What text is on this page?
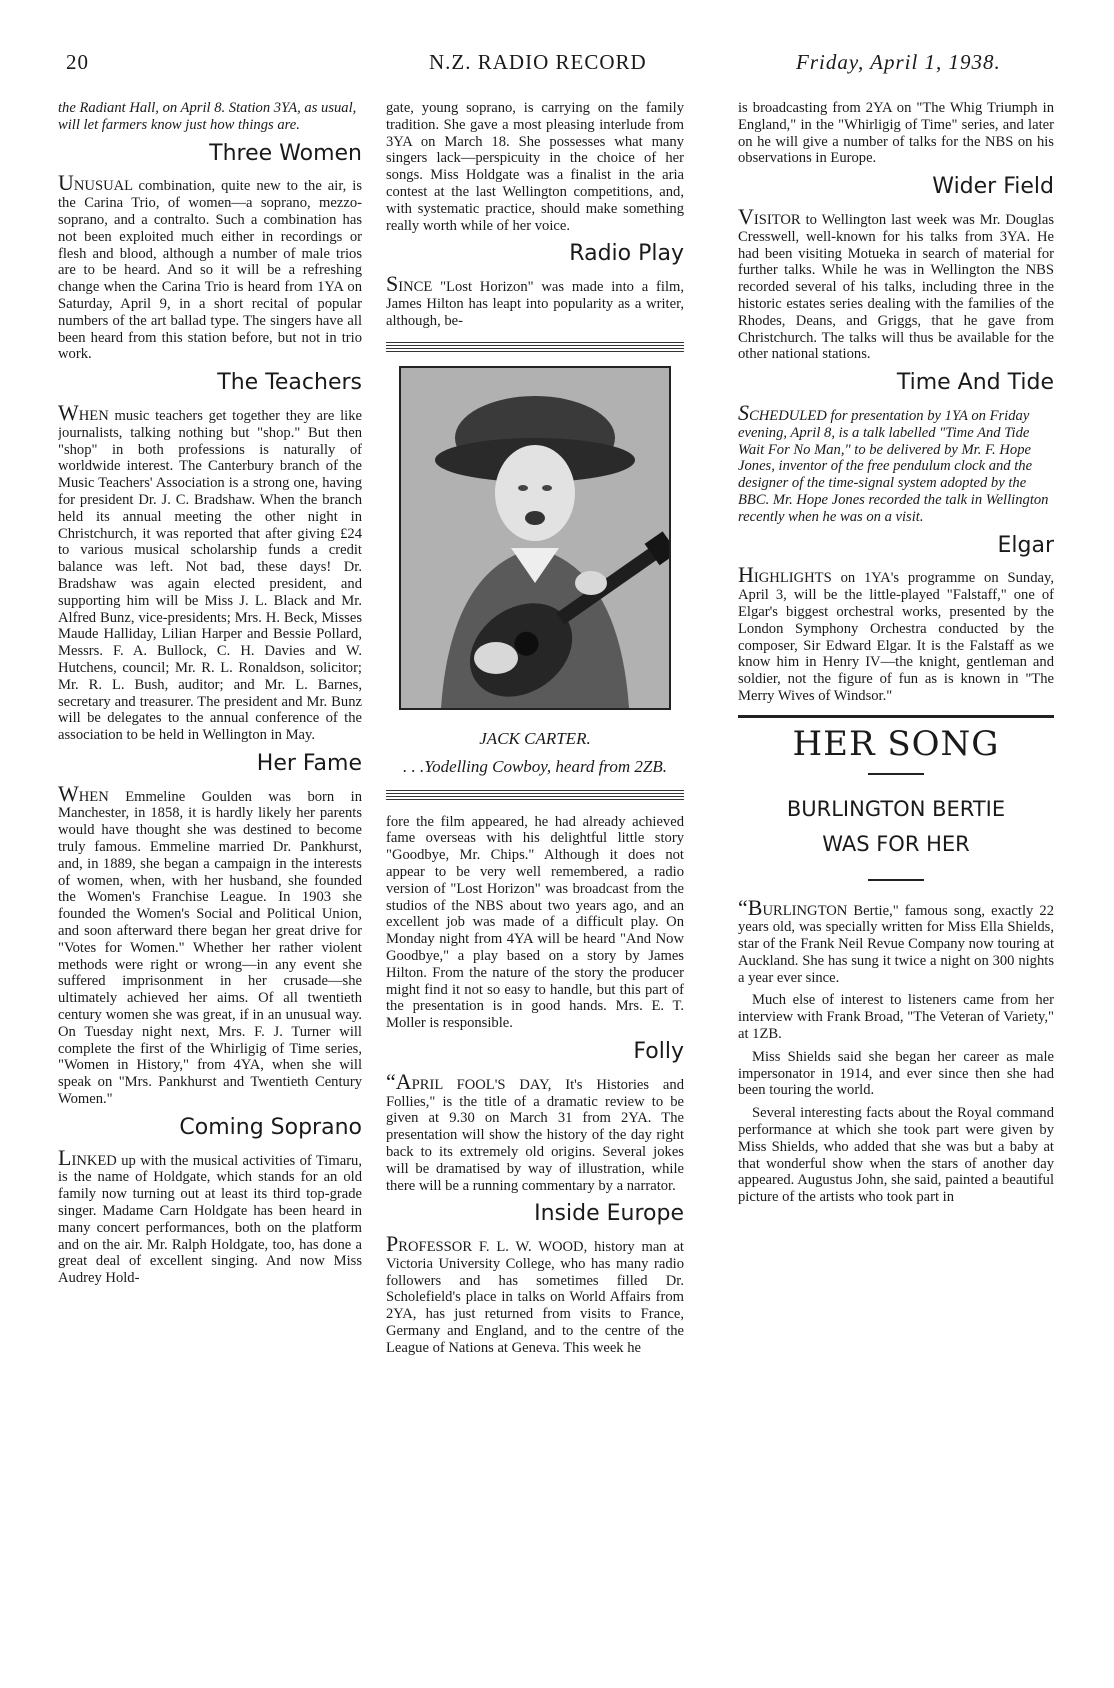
20	N.Z. RADIO RECORD	Friday, April 1, 1938.

the Radiant Hall, on April 8. Station 3YA, as usual, will let farmers know just how things are.

Three Women

UNUSUAL combination, quite new to the air, is the Carina Trio, of women—a soprano, mezzo-soprano, and a contralto. Such a combination has not been exploited much either in recordings or flesh and blood, although a number of male trios are to be heard. And so it will be a refreshing change when the Carina Trio is heard from 1YA on Saturday, April 9, in a short recital of popular numbers of the art ballad type. The singers have all been heard from this station before, but not in trio work.

The Teachers

WHEN music teachers get together they are like journalists, talking nothing but "shop." But then "shop" in both professions is naturally of worldwide interest. The Canterbury branch of the Music Teachers' Association is a strong one, having for president Dr. J. C. Bradshaw. When the branch held its annual meeting the other night in Christchurch, it was reported that after giving £24 to various musical scholarship funds a credit balance was left. Not bad, these days! Dr. Bradshaw was again elected president, and supporting him will be Miss J. L. Black and Mr. Alfred Bunz, vice-presidents; Mrs. H. Beck, Misses Maude Halliday, Lilian Harper and Bessie Pollard, Messrs. F. A. Bullock, C. H. Davies and W. Hutchens, council; Mr. R. L. Ronaldson, solicitor; Mr. R. L. Bush, auditor; and Mr. L. Barnes, secretary and treasurer. The president and Mr. Bunz will be delegates to the annual conference of the association to be held in Wellington in May.

Her Fame

WHEN Emmeline Goulden was born in Manchester, in 1858, it is hardly likely her parents would have thought she was destined to become truly famous. Emmeline married Dr. Pankhurst, and, in 1889, she began a campaign in the interests of women, when, with her husband, she founded the Women's Franchise League. In 1903 she founded the Women's Social and Political Union, and soon afterward there began her great drive for "Votes for Women." Whether her rather violent methods were right or wrong—in any event she suffered imprisonment in her crusade—she ultimately achieved her aims. Of all twentieth century women she was great, if in an unusual way. On Tuesday night next, Mrs. F. J. Turner will complete the first of the Whirligig of Time series, "Women in History," from 4YA, when she will speak on "Mrs. Pankhurst and Twentieth Century Women."

Coming Soprano

LINKED up with the musical activities of Timaru, is the name of Holdgate, which stands for an old family now turning out at least its third top-grade singer. Madame Carn Holdgate has been heard in many concert performances, both on the platform and on the air. Mr. Ralph Holdgate, too, has done a great deal of excellent singing. And now Miss Audrey Hold-

gate, young soprano, is carrying on the family tradition. She gave a most pleasing interlude from 3YA on March 18. She possesses what many singers lack—perspicuity in the choice of her songs. Miss Holdgate was a finalist in the aria contest at the last Wellington competitions, and, with systematic practice, should make something really worth while of her voice.

Radio Play

SINCE "Lost Horizon" was made into a film, James Hilton has leapt into popularity as a writer, although, be-

JACK CARTER.
. . .Yodelling Cowboy, heard from 2ZB.

fore the film appeared, he had already achieved fame overseas with his delightful little story "Goodbye, Mr. Chips." Although it does not appear to be very well remembered, a radio version of "Lost Horizon" was broadcast from the studios of the NBS about two years ago, and an excellent job was made of a difficult play. On Monday night from 4YA will be heard "And Now Goodbye," a play based on a story by James Hilton. From the nature of the story the producer might find it not so easy to handle, but this part of the presentation is in good hands. Mrs. E. T. Moller is responsible.

Folly

“APRIL FOOL'S DAY, It's Histories and Follies," is the title of a dramatic review to be given at 9.30 on March 31 from 2YA. The presentation will show the history of the day right back to its extremely old origins. Several jokes will be dramatised by way of illustration, while there will be a running commentary by a narrator.

Inside Europe

PROFESSOR F. L. W. WOOD, history man at Victoria University College, who has many radio followers and has sometimes filled Dr. Scholefield's place in talks on World Affairs from 2YA, has just returned from visits to France, Germany and England, and to the centre of the League of Nations at Geneva. This week he

is broadcasting from 2YA on "The Whig Triumph in England," in the "Whirligig of Time" series, and later on he will give a number of talks for the NBS on his observations in Europe.

Wider Field

VISITOR to Wellington last week was Mr. Douglas Cresswell, well-known for his talks from 3YA. He had been visiting Motueka in search of material for further talks. While he was in Wellington the NBS recorded several of his talks, including three in the historic estates series dealing with the families of the Rhodes, Deans, and Griggs, that he gave from Christchurch. The talks will thus be available for the other national stations.

Time And Tide

SCHEDULED for presentation by 1YA on Friday evening, April 8, is a talk labelled "Time And Tide Wait For No Man," to be delivered by Mr. F. Hope Jones, inventor of the free pendulum clock and the designer of the time-signal system adopted by the BBC. Mr. Hope Jones recorded the talk in Wellington recently when he was on a visit.

Elgar

HIGHLIGHTS on 1YA's programme on Sunday, April 3, will be the little-played "Falstaff," one of Elgar's biggest orchestral works, presented by the London Symphony Orchestra conducted by the composer, Sir Edward Elgar. It is the Falstaff as we know him in Henry IV—the knight, gentleman and soldier, not the figure of fun as is known in "The Merry Wives of Windsor."

HER SONG
BURLINGTON BERTIE
WAS FOR HER

“BURLINGTON Bertie," famous song, exactly 22 years old, was specially written for Miss Ella Shields, star of the Frank Neil Revue Company now touring at Auckland. She has sung it twice a night on 300 nights a year ever since.

Much else of interest to listeners came from her interview with Frank Broad, "The Veteran of Variety," at 1ZB.

Miss Shields said she began her career as male impersonator in 1914, and ever since then she had been touring the world.

Several interesting facts about the Royal command performance at which she took part were given by Miss Shields, who added that she was but a baby at that wonderful show when the stars of another day appeared. Augustus John, she said, painted a beautiful picture of the artists who took part in
